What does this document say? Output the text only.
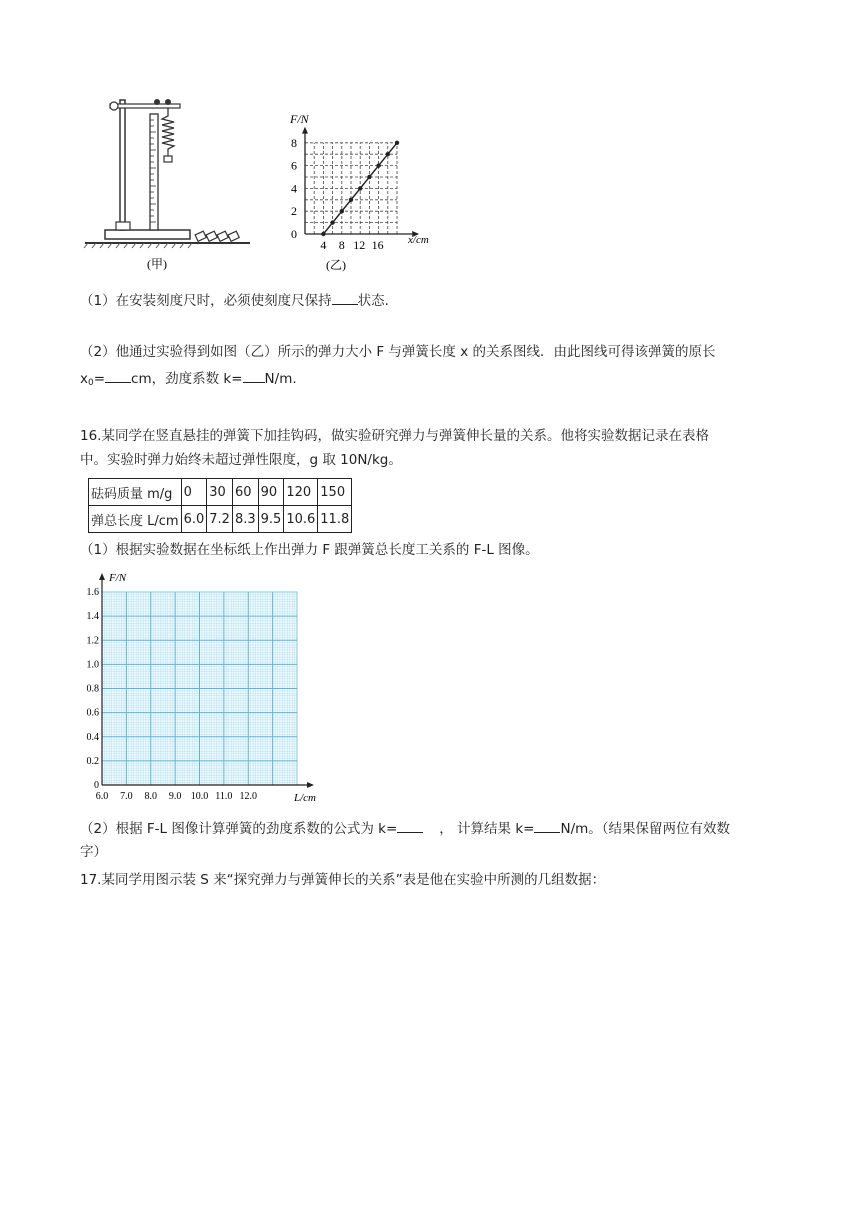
(甲)
0
2
4
6
8
4 8 12 16
F/N
x/cm
(乙)
（1）在安装刻度尺时，必须使刻度尺保持 状态.
（2）他通过实验得到如图（乙）所示的弹力大小 F 与弹簧长度 x 的关系图线．由此图线可得该弹簧的原长
$x_0=$ cm，劲度系数 k= N/m.
16.某同学在竖直悬挂的弹簧下加挂钩码，做实验研究弹力与弹簧伸长量的关系。他将实验数据记录在表格
中。实验时弹力始终未超过弹性限度，g 取 10N/kg。
砝码质量 m/g	0	30	60	90	120	150
弹总长度 L/cm	6.0	7.2	8.3	9.5	10.6	11.8
（1）根据实验数据在坐标纸上作出弹力 F 跟弹簧总长度工关系的 F-L 图像。
0
0.2
0.4
0.6
0.8
1.0
1.2
1.4
1.6
6.0 7.0 8.0 9.0 10.0 11.0 12.0
F/N
L/cm
（2）根据 F-L 图像计算弹簧的劲度系数的公式为 k=	， 计算结果 k= N/m。（结果保留两位有效数
字）
17.某同学用图示装 S 来“探究弹力与弹簧伸长的关系”表是他在实验中所测的几组数据：
